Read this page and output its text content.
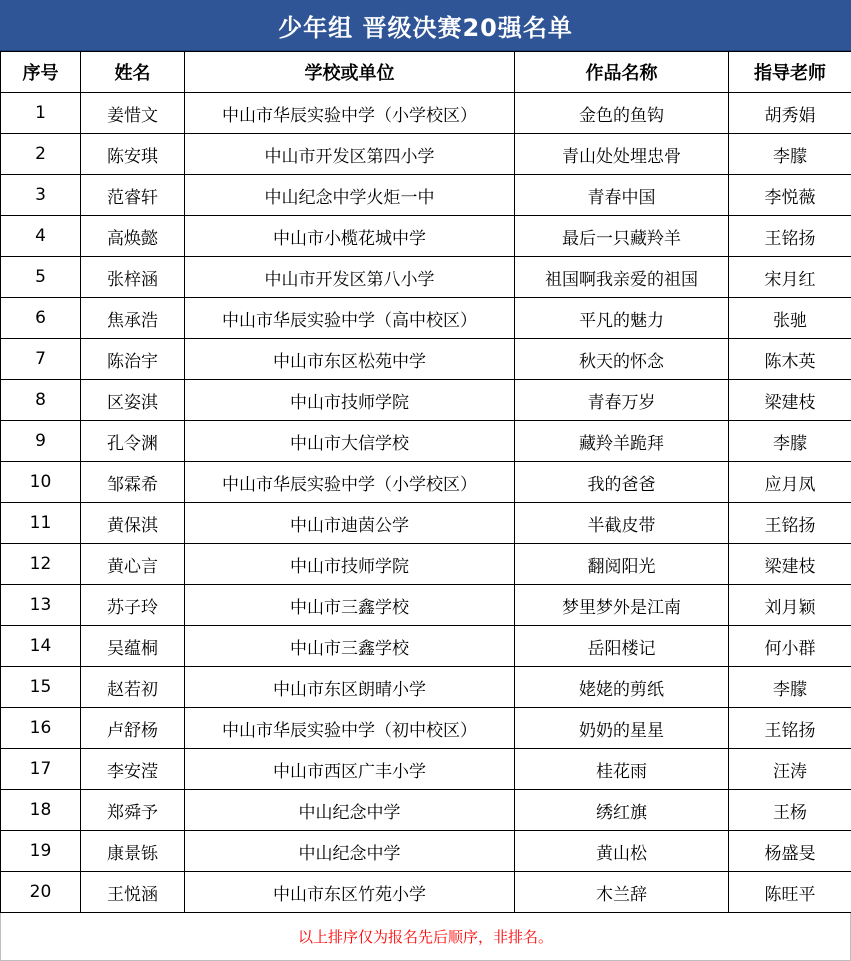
少年组 晋级决赛20强名单
序号	姓名	学校或单位	作品名称	指导老师
1	姜惜文	中山市华辰实验中学（小学校区）	金色的鱼钩	胡秀娟
2	陈安琪	中山市开发区第四小学	青山处处埋忠骨	李朦
3	范睿轩	中山纪念中学火炬一中	青春中国	李悦薇
4	高焕懿	中山市小榄花城中学	最后一只藏羚羊	王铭扬
5	张梓涵	中山市开发区第八小学	祖国啊我亲爱的祖国	宋月红
6	焦承浩	中山市华辰实验中学（高中校区）	平凡的魅力	张驰
7	陈治宇	中山市东区松苑中学	秋天的怀念	陈木英
8	区姿淇	中山市技师学院	青春万岁	梁建枝
9	孔令渊	中山市大信学校	藏羚羊跪拜	李朦
10	邹霖希	中山市华辰实验中学（小学校区）	我的爸爸	应月凤
11	黄保淇	中山市迪茵公学	半截皮带	王铭扬
12	黄心言	中山市技师学院	翻阅阳光	梁建枝
13	苏子玲	中山市三鑫学校	梦里梦外是江南	刘月颖
14	吴蕴桐	中山市三鑫学校	岳阳楼记	何小群
15	赵若初	中山市东区朗晴小学	姥姥的剪纸	李朦
16	卢舒杨	中山市华辰实验中学（初中校区）	奶奶的星星	王铭扬
17	李安滢	中山市西区广丰小学	桂花雨	汪涛
18	郑舜予	中山纪念中学	绣红旗	王杨
19	康景铄	中山纪念中学	黄山松	杨盛旻
20	王悦涵	中山市东区竹苑小学	木兰辞	陈旺平
以上排序仅为报名先后顺序，非排名。
